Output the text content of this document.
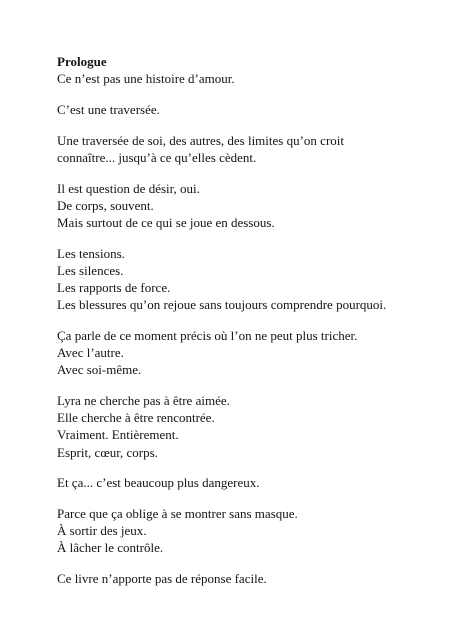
Prologue

Ce n’est pas une histoire d’amour.

C’est une traversée.

Une traversée de soi, des autres, des limites qu’on croit
connaître... jusqu’à ce qu’elles cèdent.

Il est question de désir, oui.
De corps, souvent.
Mais surtout de ce qui se joue en dessous.

Les tensions.
Les silences.
Les rapports de force.
Les blessures qu’on rejoue sans toujours comprendre pourquoi.

Ça parle de ce moment précis où l’on ne peut plus tricher.
Avec l’autre.
Avec soi-même.

Lyra ne cherche pas à être aimée.
Elle cherche à être rencontrée.
Vraiment. Entièrement.
Esprit, cœur, corps.

Et ça... c’est beaucoup plus dangereux.

Parce que ça oblige à se montrer sans masque.
À sortir des jeux.
À lâcher le contrôle.

Ce livre n’apporte pas de réponse facile.
